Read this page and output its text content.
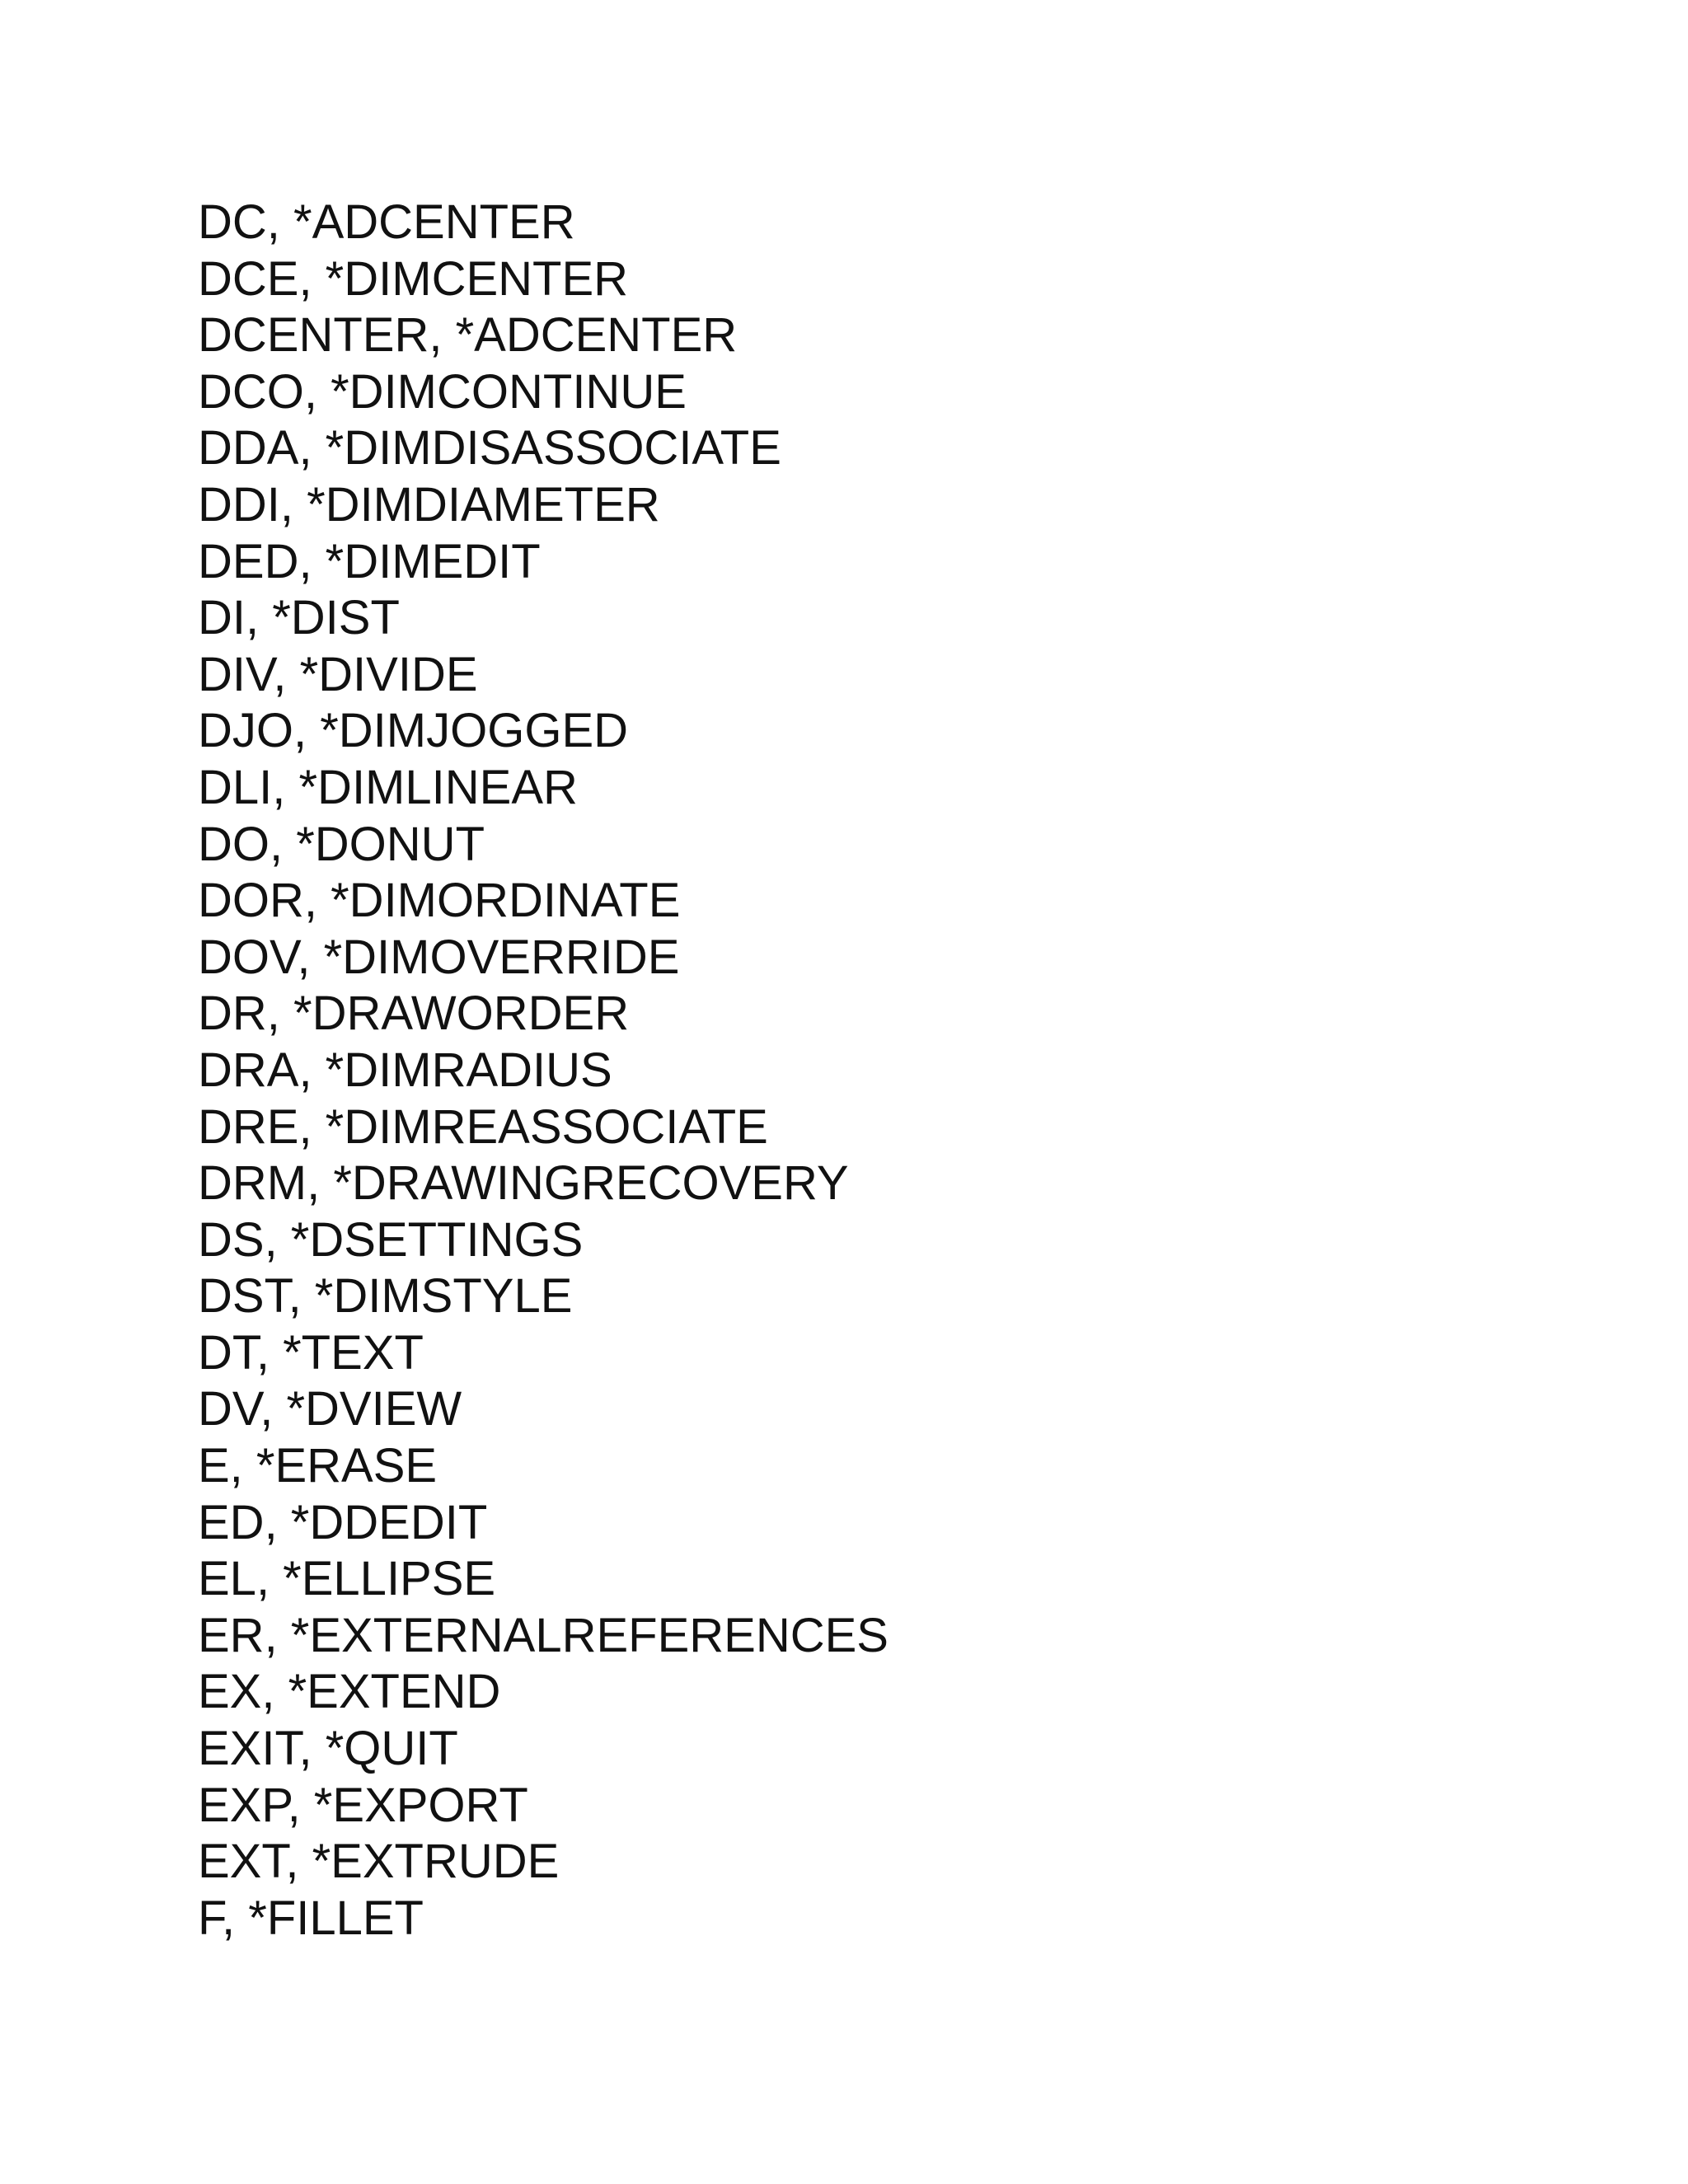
DC, *ADCENTER
DCE, *DIMCENTER
DCENTER, *ADCENTER
DCO, *DIMCONTINUE
DDA, *DIMDISASSOCIATE
DDI, *DIMDIAMETER
DED, *DIMEDIT
DI, *DIST
DIV, *DIVIDE
DJO, *DIMJOGGED
DLI, *DIMLINEAR
DO, *DONUT
DOR, *DIMORDINATE
DOV, *DIMOVERRIDE
DR, *DRAWORDER
DRA, *DIMRADIUS
DRE, *DIMREASSOCIATE
DRM, *DRAWINGRECOVERY
DS, *DSETTINGS
DST, *DIMSTYLE
DT, *TEXT
DV, *DVIEW
E, *ERASE
ED, *DDEDIT
EL, *ELLIPSE
ER, *EXTERNALREFERENCES
EX, *EXTEND
EXIT, *QUIT
EXP, *EXPORT
EXT, *EXTRUDE
F, *FILLET
